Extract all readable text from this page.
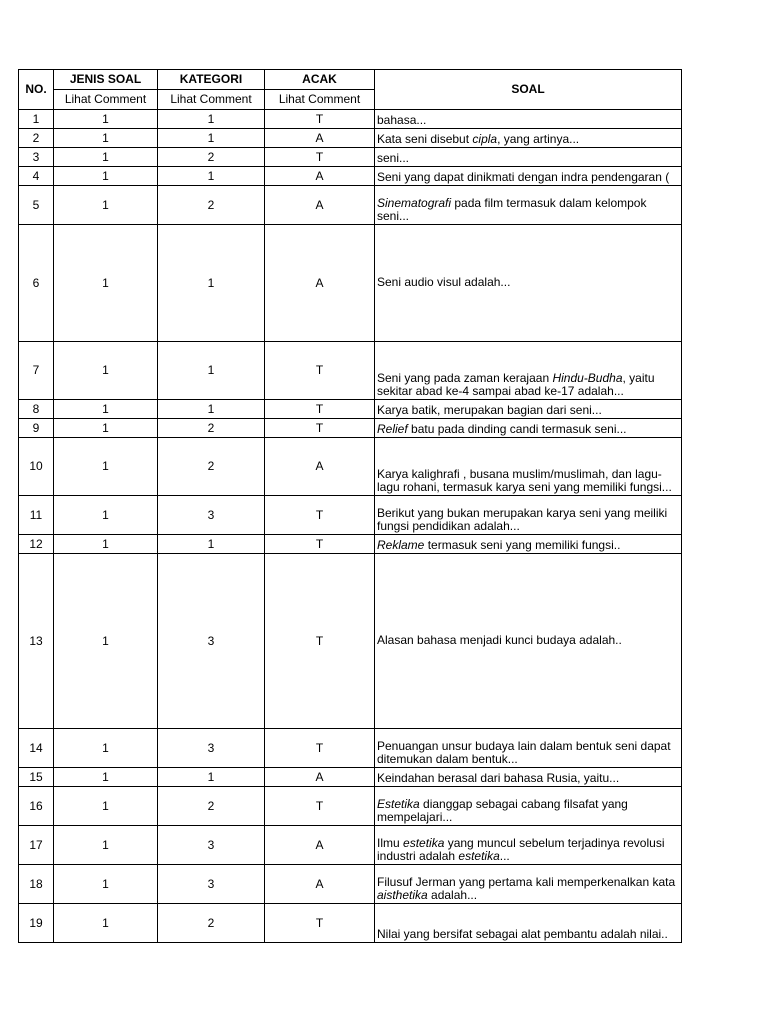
NO.	JENIS SOAL	KATEGORI	ACAK	SOAL
	Lihat Comment	Lihat Comment	Lihat Comment	
1	1	1	T	bahasa...
2	1	1	A	Kata seni disebut cipla, yang artinya...
3	1	2	T	seni...
4	1	1	A	Seni yang dapat dinikmati dengan indra pendengaran (
5	1	2	A	Sinematografi pada film termasuk dalam kelompok seni...
6	1	1	A	Seni audio visul adalah...
7	1	1	T	Seni yang pada zaman kerajaan Hindu-Budha, yaitu sekitar abad ke-4 sampai abad ke-17 adalah...
8	1	1	T	Karya batik, merupakan bagian dari seni...
9	1	2	T	Relief batu pada dinding candi termasuk seni...
10	1	2	A	Karya kalighrafi , busana muslim/muslimah, dan lagu-lagu rohani, termasuk karya seni yang memiliki fungsi...
11	1	3	T	Berikut yang bukan merupakan karya seni yang meiliki fungsi pendidikan adalah...
12	1	1	T	Reklame termasuk seni yang memiliki fungsi..
13	1	3	T	Alasan bahasa menjadi kunci budaya adalah..
14	1	3	T	Penuangan unsur budaya lain dalam bentuk seni dapat ditemukan dalam bentuk...
15	1	1	A	Keindahan berasal dari bahasa Rusia, yaitu...
16	1	2	T	Estetika dianggap sebagai cabang filsafat yang mempelajari...
17	1	3	A	Ilmu estetika yang muncul sebelum terjadinya revolusi industri adalah estetika...
18	1	3	A	Filusuf Jerman yang pertama kali memperkenalkan kata aisthetika adalah...
19	1	2	T	Nilai yang bersifat sebagai alat pembantu adalah nilai..
